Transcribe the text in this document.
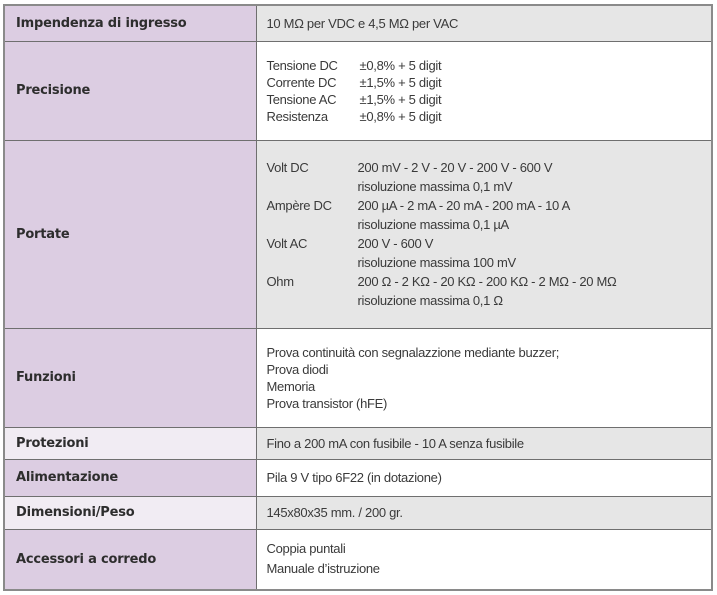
Impendenza di ingresso	10 MΩ per VDC e 4,5 MΩ per VAC
Precisione	
Tensione DC	±0,8% + 5 digit
Corrente DC	±1,5% + 5 digit
Tensione AC	±1,5% + 5 digit
Resistenza	±0,8% + 5 digit

Portate	
Volt DC	200 mV - 2 V - 20 V - 200 V - 600 V
risoluzione massima 0,1 mV
Ampère DC	200 µA - 2 mA - 20 mA - 200 mA - 10 A
risoluzione massima 0,1 µA
Volt AC	200 V - 600 V
risoluzione massima 100 mV
Ohm	200 Ω - 2 KΩ - 20 KΩ - 200 KΩ - 2 MΩ - 20 MΩ
risoluzione massima 0,1 Ω

Funzioni	Prova continuità con segnalazzione mediante buzzer;
Prova diodi
Memoria
Prova transistor (hFE)

Protezioni	Fino a 200 mA con fusibile - 10 A senza fusibile
Alimentazione	Pila 9 V tipo 6F22 (in dotazione)
Dimensioni/Peso	145x80x35 mm. / 200 gr.
Accessori a corredo	Coppia puntali
Manuale d’istruzione
